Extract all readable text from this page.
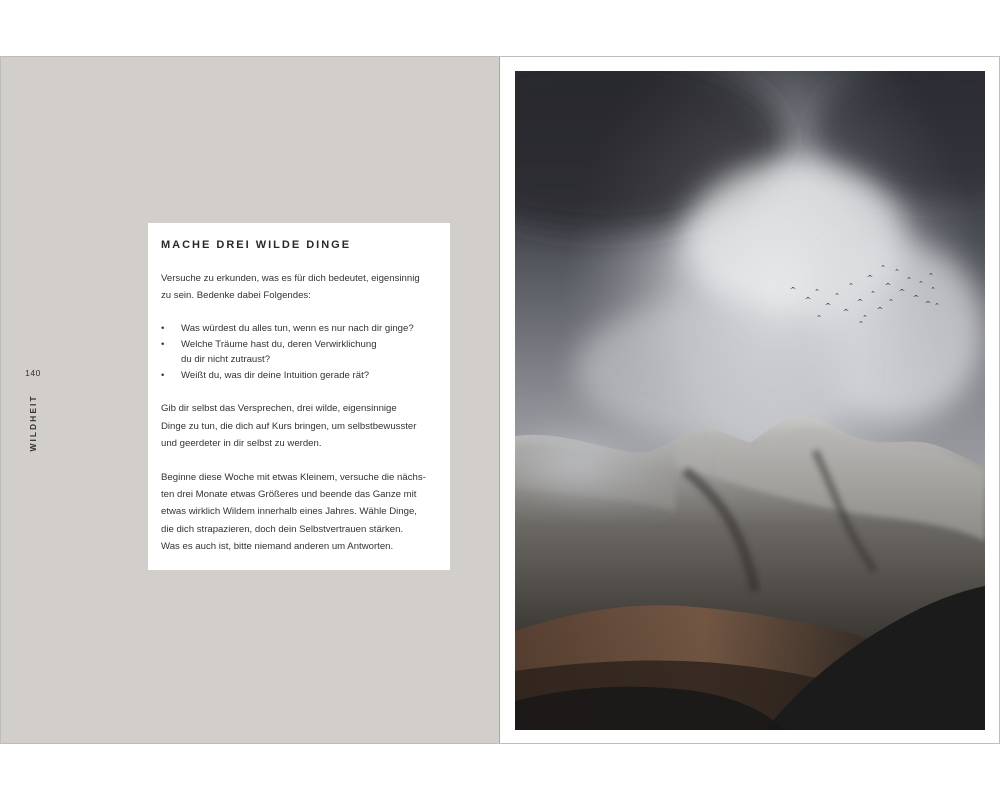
140
WILDHEIT
MACHE DREI WILDE DINGE

Versuche zu erkunden, was es für dich bedeutet, eigensinnig
zu sein. Bedenke dabei Folgendes:

• Was würdest du alles tun, wenn es nur nach dir ginge?
• Welche Träume hast du, deren Verwirklichung
du dir nicht zutraust?
• Weißt du, was dir deine Intuition gerade rät?

Gib dir selbst das Versprechen, drei wilde, eigensinnige
Dinge zu tun, die dich auf Kurs bringen, um selbstbewusster
und geerdeter in dir selbst zu werden.

Beginne diese Woche mit etwas Kleinem, versuche die nächs-
ten drei Monate etwas Größeres und beende das Ganze mit
etwas wirklich Wildem innerhalb eines Jahres. Wähle Dinge,
die dich strapazieren, doch dein Selbstvertrauen stärken.
Was es auch ist, bitte niemand anderen um Antworten.
